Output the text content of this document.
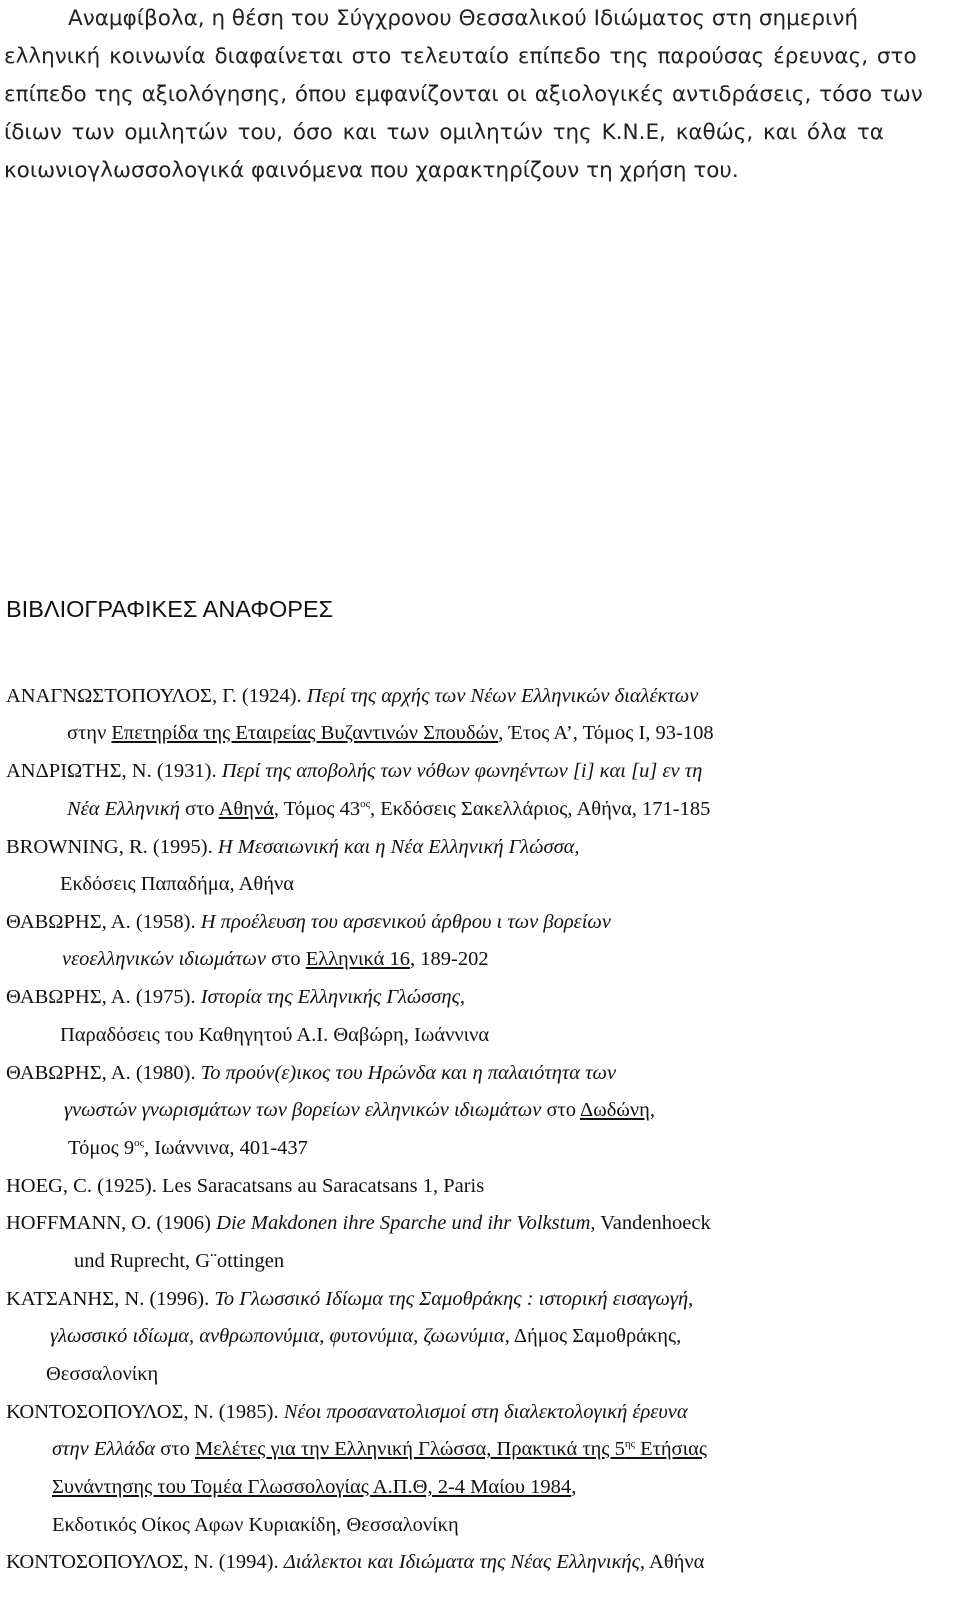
Αναμφίβολα, η θέση του Σύγχρονου Θεσσαλικού Ιδιώματος στη σημερινή
ελληνική κοινωνία διαφαίνεται στο τελευταίο επίπεδο της παρούσας έρευνας, στο
επίπεδο της αξιολόγησης, όπου εμφανίζονται οι αξιολογικές αντιδράσεις, τόσο των
ίδιων των ομιλητών του, όσο και των ομιλητών της Κ.Ν.Ε, καθώς, και όλα τα
κοιωνιογλωσσολογικά φαινόμενα που χαρακτηρίζουν τη χρήση του.
ΒΙΒΛΙΟΓΡΑΦΙΚΕΣ ΑΝΑΦΟΡΕΣ
ΑΝΑΓΝΩΣΤΟΠΟΥΛΟΣ, Γ. (1924). Περί της αρχής των Νέων Ελληνικών διαλέκτων
στην Επετηρίδα της Εταιρείας Βυζαντινών Σπουδών, Έτος Α’, Τόμος Ι, 93-108
ΑΝΔΡΙΩΤΗΣ, Ν. (1931). Περί της αποβολής των νόθων φωνηέντων [i] και [u] εν τη
Νέα Ελληνική στο Αθηνά, Τόμος $43^{o\varsigma}$, Εκδόσεις Σακελλάριος, Αθήνα, 171-185
BROWNING, R. (1995). Η Μεσαιωνική και η Νέα Ελληνική Γλώσσα,
Εκδόσεις Παπαδήμα, Αθήνα
ΘΑΒΩΡΗΣ, Α. (1958). Η προέλευση του αρσενικού άρθρου ι των βορείων
νεοελληνικών ιδιωμάτων στο Ελληνικά 16, 189-202
ΘΑΒΩΡΗΣ, Α. (1975). Ιστορία της Ελληνικής Γλώσσης,
Παραδόσεις του Καθηγητού Α.Ι. Θαβώρη, Ιωάννινα
ΘΑΒΩΡΗΣ, Α. (1980). Το πρoύν(ε)ικος του Ηρώνδα και η παλαιότητα των
γνωστών γνωρισμάτων των βορείων ελληνικών ιδιωμάτων στο Δωδώνη,
Τόμος $9^{o\varsigma}$, Ιωάννινα, 401-437
HOEG, C. (1925). Les Saracatsans au Saracatsans 1, Paris
HOFFMANN, O. (1906) Die Makdonen ihre Sparche und ihr Volkstum, Vandenhoeck
und Ruprecht, G¨ottingen
ΚΑΤΣΑΝΗΣ, Ν. (1996). Το Γλωσσικό Ιδίωμα της Σαμοθράκης : ιστορική εισαγωγή,
γλωσσικό ιδίωμα, ανθρωπονύμια, φυτονύμια, ζωωνύμια, Δήμος Σαμοθράκης,
Θεσσαλονίκη
ΚΟΝΤΟΣΟΠΟΥΛΟΣ, Ν. (1985). Νέοι προσανατολισμοί στη διαλεκτολογική έρευνα
στην Ελλάδα στο Μελέτες για την Ελληνική Γλώσσα, Πρακτικά της $5^{\eta\varsigma}$ Ετήσιας
Συνάντησης του Τομέα Γλωσσολογίας Α.Π.Θ, 2-4 Μαίου 1984,
Εκδοτικός Οίκος Αφων Κυριακίδη, Θεσσαλονίκη
ΚΟΝΤΟΣΟΠΟΥΛΟΣ, Ν. (1994). Διάλεκτοι και Ιδιώματα της Νέας Ελληνικής, Αθήνα
